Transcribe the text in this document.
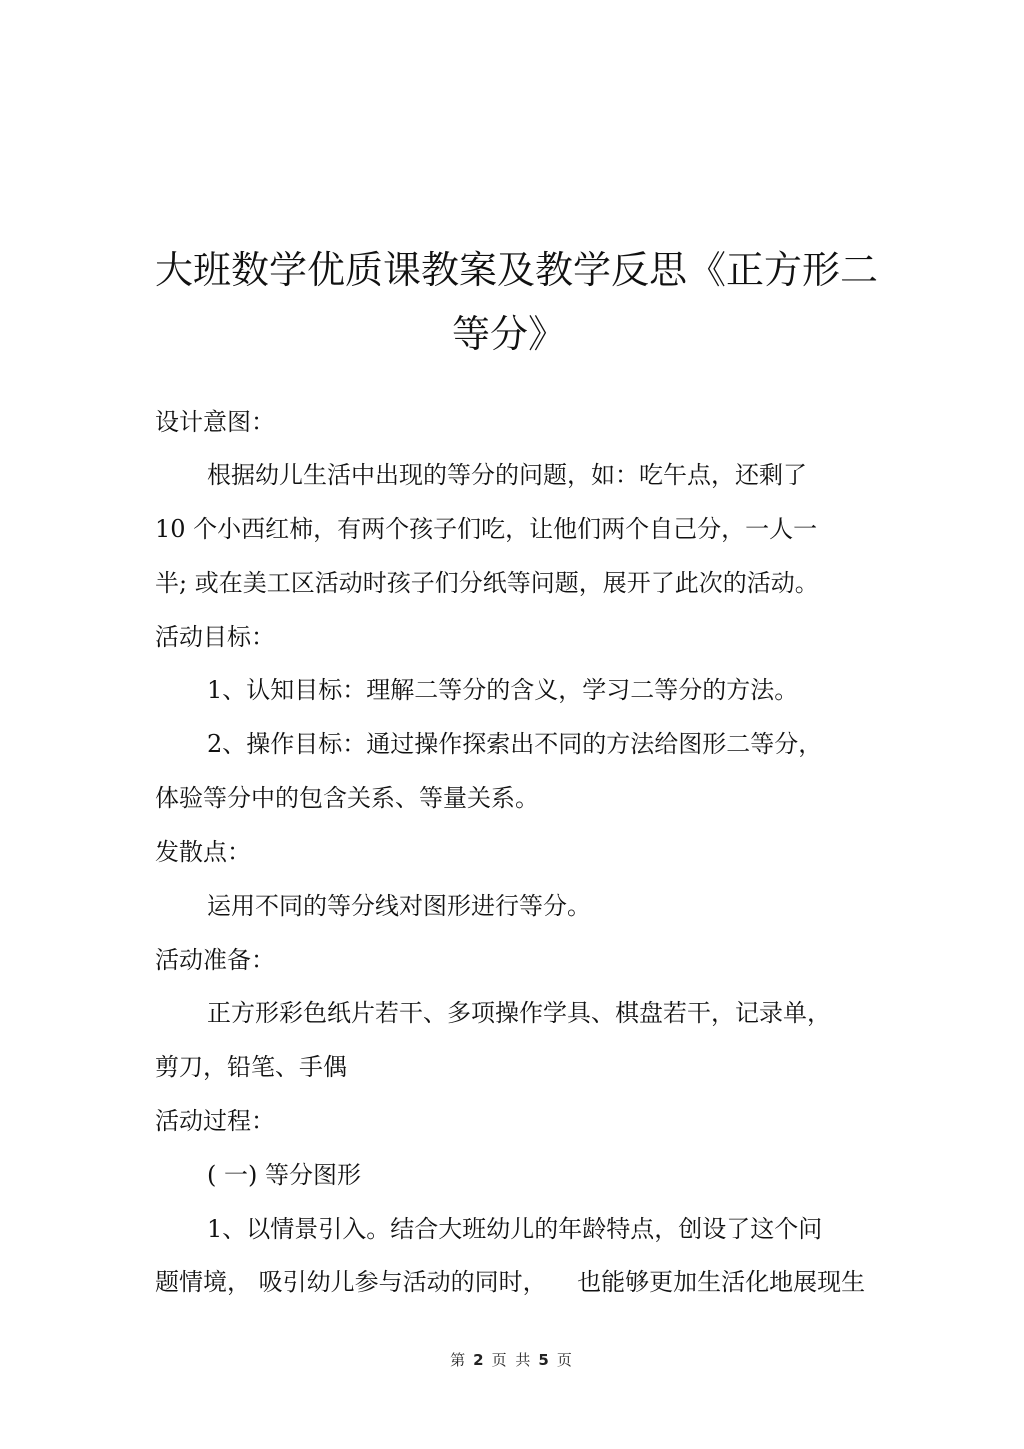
大班数学优质课教案及教学反思 《正方形二
等分》
设计意图：
根据幼儿生活中出现的等分的问题，如：吃午点，还剩了
10 个小西红柿，有两个孩子们吃，让他们两个自己分，一人一
半; 或在美工区活动时孩子们分纸等问题，展开了此次的活动。
活动目标：
1、认知目标：理解二等分的含义，学习二等分的方法。
2、操作目标：通过操作探索出不同的方法给图形二等分，
体验等分中的包含关系、等量关系。
发散点：
运用不同的等分线对图形进行等分。
活动准备：
正方形彩色纸片若干、多项操作学具、棋盘若干，记录单，
剪刀，铅笔、手偶
活动过程：
( 一) 等分图形
1、以情景引入。结合大班幼儿的年龄特点，创设了这个问
题情境， 吸引幼儿参与活动的同时，    也能够更加生活化地展现生
第 2 页 共 5 页
